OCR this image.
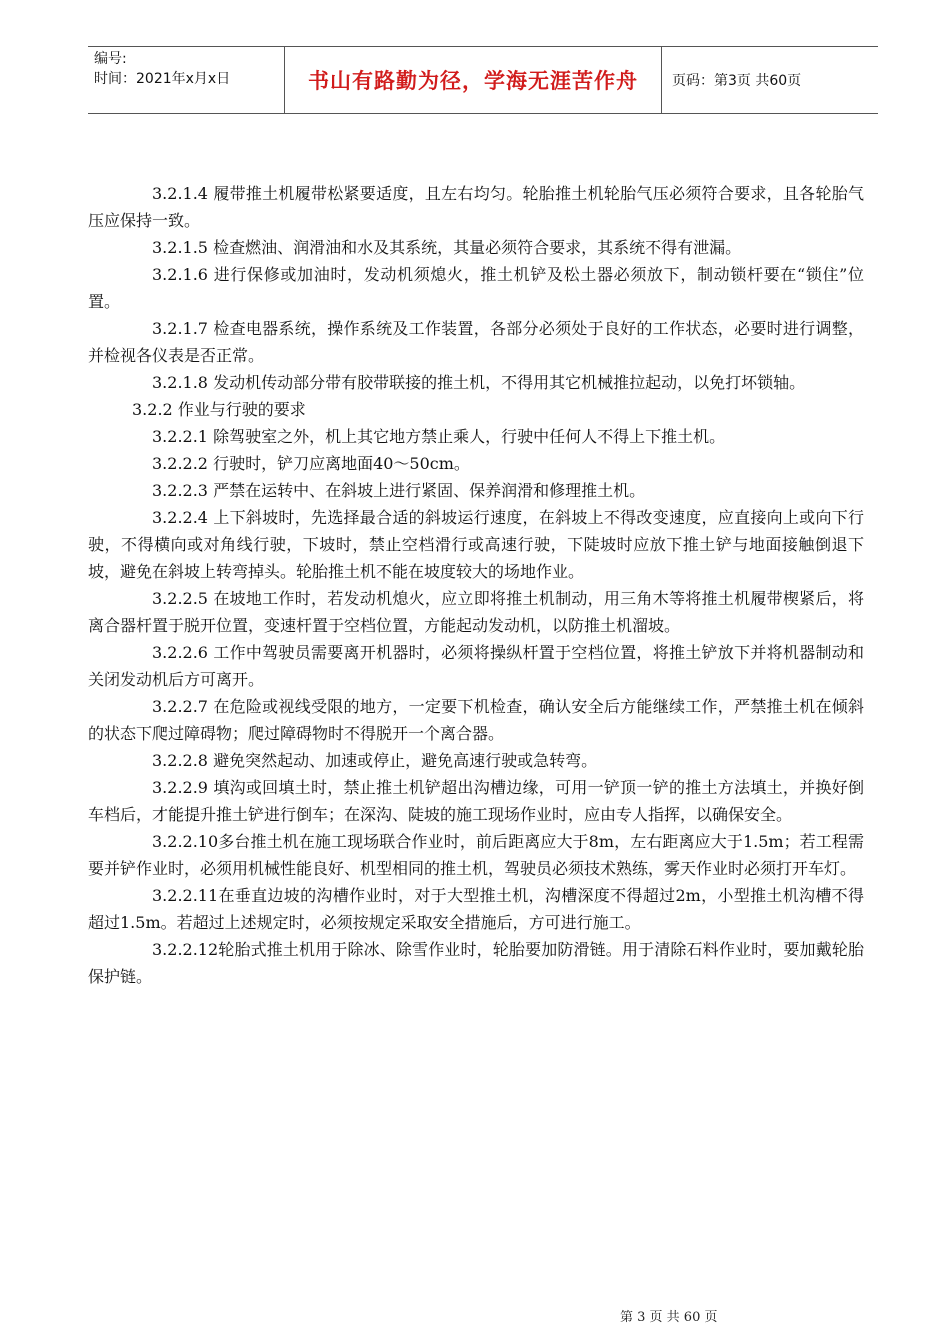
编号:
时间：2021年x月x日	书山有路勤为径，学海无涯苦作舟	页码：第3页 共60页

3.2.1.4 履带推土机履带松紧要适度，且左右均匀。轮胎推土机轮胎气压必须符合要求，且各轮胎气压应保持一致。

3.2.1.5 检查燃油、润滑油和水及其系统，其量必须符合要求，其系统不得有泄漏。

3.2.1.6 进行保修或加油时，发动机须熄火，推土机铲及松土器必须放下，制动锁杆要在“锁住”位置。

3.2.1.7 检查电器系统，操作系统及工作装置，各部分必须处于良好的工作状态，必要时进行调整，并检视各仪表是否正常。

3.2.1.8 发动机传动部分带有胶带联接的推土机，不得用其它机械推拉起动，以免打坏锁轴。

3.2.2 作业与行驶的要求

3.2.2.1 除驾驶室之外，机上其它地方禁止乘人，行驶中任何人不得上下推土机。

3.2.2.2 行驶时，铲刀应离地面40～50cm。

3.2.2.3 严禁在运转中、在斜坡上进行紧固、保养润滑和修理推土机。

3.2.2.4 上下斜坡时，先选择最合适的斜坡运行速度，在斜坡上不得改变速度，应直接向上或向下行驶，不得横向或对角线行驶，下坡时，禁止空档滑行或高速行驶，下陡坡时应放下推土铲与地面接触倒退下坡，避免在斜坡上转弯掉头。轮胎推土机不能在坡度较大的场地作业。

3.2.2.5 在坡地工作时，若发动机熄火，应立即将推土机制动，用三角木等将推土机履带楔紧后，将离合器杆置于脱开位置，变速杆置于空档位置，方能起动发动机，以防推土机溜坡。

3.2.2.6 工作中驾驶员需要离开机器时，必须将操纵杆置于空档位置，将推土铲放下并将机器制动和关闭发动机后方可离开。

3.2.2.7 在危险或视线受限的地方，一定要下机检查，确认安全后方能继续工作，严禁推土机在倾斜的状态下爬过障碍物；爬过障碍物时不得脱开一个离合器。

3.2.2.8 避免突然起动、加速或停止，避免高速行驶或急转弯。

3.2.2.9 填沟或回填土时，禁止推土机铲超出沟槽边缘，可用一铲顶一铲的推土方法填土，并换好倒车档后，才能提升推土铲进行倒车；在深沟、陡坡的施工现场作业时，应由专人指挥，以确保安全。

3.2.2.10多台推土机在施工现场联合作业时，前后距离应大于8m，左右距离应大于1.5m；若工程需要并铲作业时，必须用机械性能良好、机型相同的推土机，驾驶员必须技术熟练，雾天作业时必须打开车灯。

3.2.2.11在垂直边坡的沟槽作业时，对于大型推土机，沟槽深度不得超过2m，小型推土机沟槽不得超过1.5m。若超过上述规定时，必须按规定采取安全措施后，方可进行施工。

3.2.2.12轮胎式推土机用于除冰、除雪作业时，轮胎要加防滑链。用于清除石料作业时，要加戴轮胎保护链。

第 3 页 共 60 页
